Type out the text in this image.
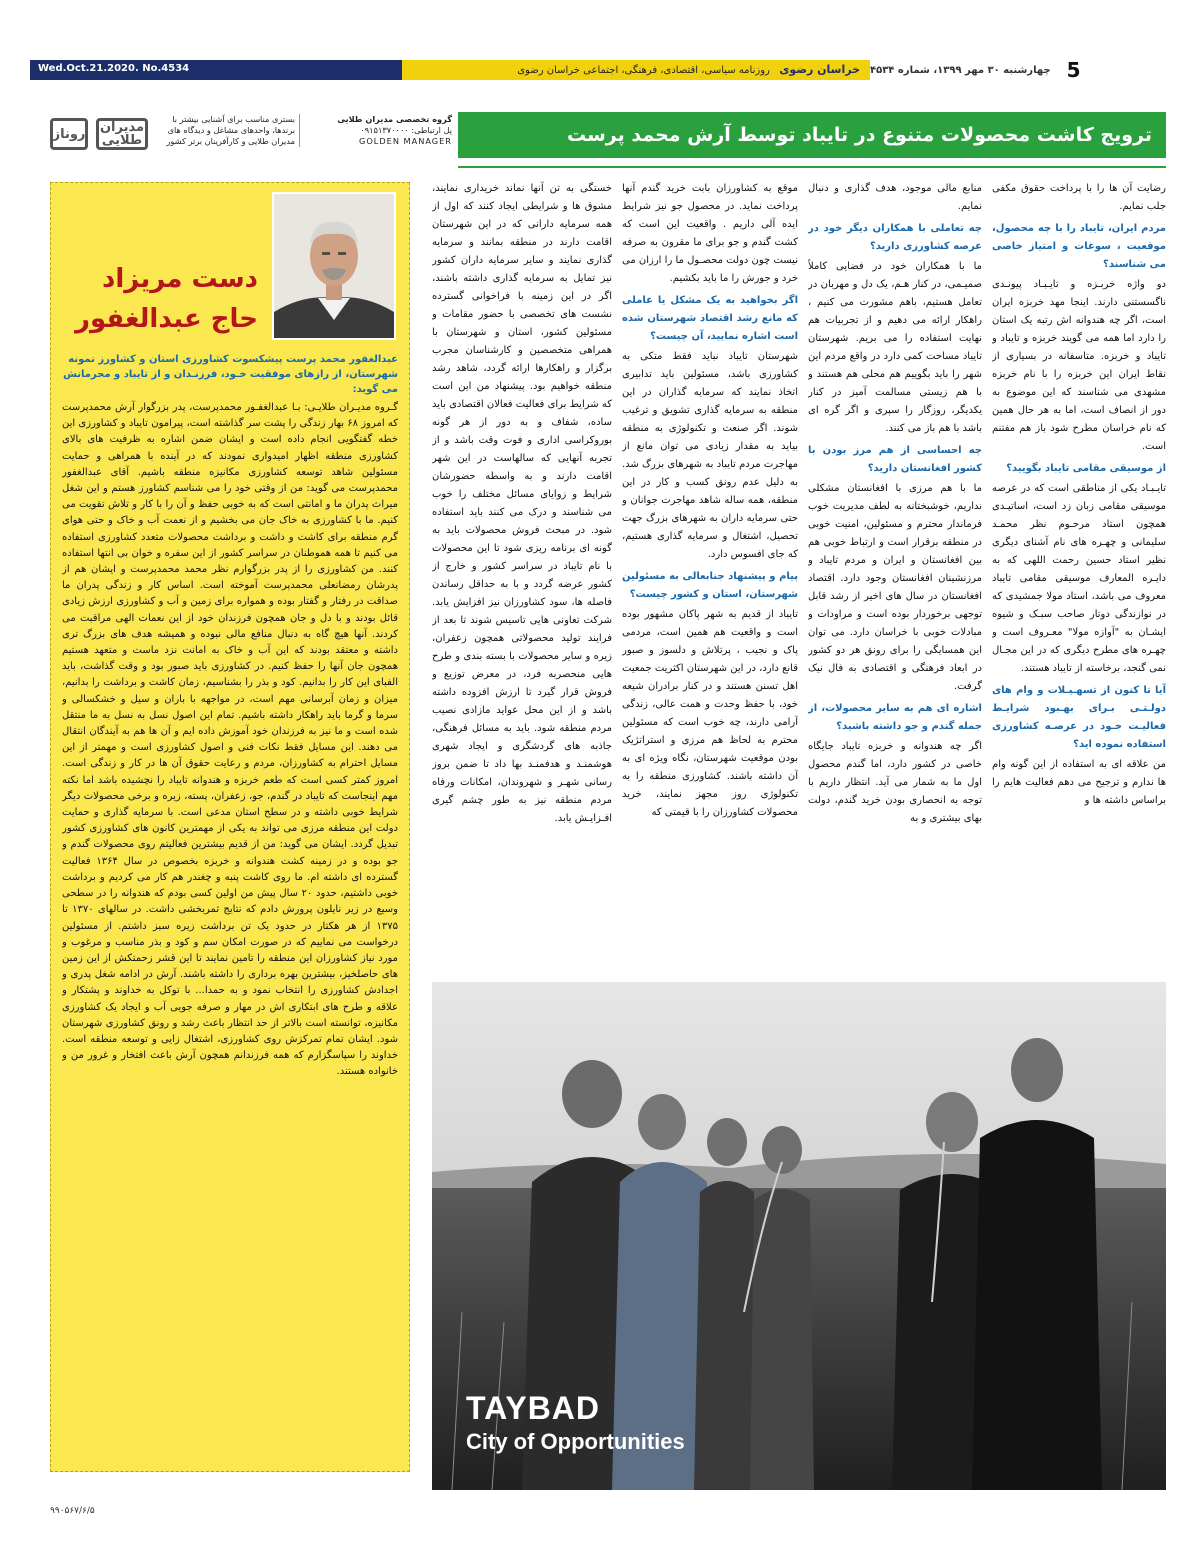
Wed.Oct.21.2020. No.4534	خراسان رضوی روزنامه سیاسی، اقتصادی، فرهنگی، اجتماعی خراسان رضوی	5
چهارشنبه ۳۰ مهر ۱۳۹۹، شماره ۴۵۳۴
ترویج کاشت محصولات متنوع در تایباد توسط آرش محمد پرست
گروه تخصصی مدیران طلایی
پل ارتباطی: ۰۹۱۵۱۳۷۰۰۰۰
GOLDEN MANAGER
بستری مناسب برای آشنایی بیشتر با
برندها، واحدهای مشاغل و دیدگاه های
مدیران طلایی و کارآفرینان برتر کشور
روناز مدیران
طلایی

رضایت آن ها را با پرداخت حقوق مکفی جلب نمایم.

مردم ایران، تایباد را با چه محصول، موقعیت ، سوغات و امتیاز خاصی می شناسند؟

دو واژه خربـزه و تایـبـاد پیونـدی ناگسستنی دارند. اینجا مهد خربزه ایران است، اگر چه هندوانه اش رتبه یک استان را دارد اما همه می گویند خربزه و تایباد و تایباد و خربزه. متاسفانه در بسیاری از نقاط ایران این خربزه را با نام خربزه مشهدی می شناسند که این موضوع به دور از انصاف است، اما به هر حال همین که نام خراسان مطرح شود باز هم مفتنم است.

از موسیقی مقامی تایباد بگویید؟

تایـبـاد یکی از مناطقی است که در عرصه موسیقی مقامی زبان زد است، اساتیـدی همچون استاد مرحـوم نظر محمـد سلیمانی و چهـره های نام آشنای دیگری نظیر استاد حسین رحمت اللهی که به دایـره المعارف موسیقی مقامی تایباد معروف می باشد، استاد مولا جمشیدی که در نوازندگی دوتار صاحب سبـک و شیوه ایشـان به "آوازه مولا" معـروف است و چهـره های مطرح دیگری که در این مجـال نمی گنجد، برخاسته از تایباد هستند.

آیا تا کنون از تسهـیـلات و وام های دولـتـی بـرای بهـبود شرایـط فعالیـت خـود در عرصـه کشاورزی استفاده نموده اید؟

من علاقه ای به استفاده از این گونه وام ها ندارم و ترجیح می دهم فعالیت هایم را براساس داشته ها و

منابع مالی موجود، هدف گذاری و دنبال نمایم.

چه تعاملی با همکاران دیگر خود در عرصه کشاورزی دارید؟

ما با همکاران خود در فضایی کاملاً صمیـمی، در کنار هـم، یک دل و مهربان در تعامل هستیم، باهم مشورت می کنیم ، راهکار ارائه می دهیم و از تجربیات هم نهایت استفاده را می بریم. شهرستان تایباد مساحت کمی دارد در واقع مردم این شهر را باید بگوییم هم محلی هم هستند و با هم زیستی مسالمت آمیز در کنار یکدیگر، روزگار را سپری و اگر گره ای باشد با هم باز می کنند.

چه احساسی از هم مرز بودن با کشور افغانستان دارید؟

ما با هم مرزی با افغانستان مشکلی نداریم، خوشبختانه به لطف مدیریت خوب فرماندار محترم و مسئولین، امنیت خوبی در منطقه برقرار است و ارتباط خوبی هم بین افغانستان و ایران و مردم تایباد و مرزنشینان افغانستان وجود دارد. اقتصاد افغانستان در سال های اخیر از رشد قابل توجهی برخوردار بوده است و مراودات و مبادلات خوبی با خراسان دارد. می توان این همسایگی را برای رونق هر دو کشور در ابعاد فرهنگی و اقتصادی به فال نیک گرفت.

اشاره ای هم به سایر محصولات، از جمله گندم و جو داشته باشید؟

اگر چه هندوانه و خربزه تایباد جایگاه خاصی در کشور دارد، اما گندم محصول اول ما به شمار می آید. انتظار داریم با توجه به انحصاری بودن خرید گندم، دولت بهای بیشتری و به

موقع به کشاورزان بابت خرید گندم آنها پرداخت نماید. در محصول جو نیز شرایط ایده آلی داریم . واقعیت این است که کشت گندم و جو برای ما مقرون به صرفه نیست چون دولت محصـول ما را ارزان می خرد و جورش را ما باید بکشیم.

اگر بخواهید به یک مشکل یا عاملی که مانع رشد اقتصاد شهرستان شده است اشاره نمایید، آن چیست؟

شهرستان تایباد نباید فقط متکی به کشاورزی باشد، مسئولین باید تدابیری اتخاذ نمایند که سرمایه گذاران در این منطقه به سرمایه گذاری تشویق و ترغیب شوند. اگر صنعت و تکنولوژی به منطقه بیاید به مقدار زیادی می توان مانع از مهاجرت مردم تایباد به شهرهای بزرگ شد. به دلیل عدم رونق کسب و کار در این منطقه، همه ساله شاهد مهاجرت جوانان و حتی سرمایه داران به شهرهای بزرگ جهت تحصیل، اشتغال و سرمایه گذاری هستیم، که جای افسوس دارد.

پیام و پیشنهاد جنابعالی به مسئولین شهرستان، استان و کشور چیست؟

تایباد از قدیم به شهر پاکان مشهور بوده است و واقعیت هم همین است، مردمی پاک و نجیب ، پرتلاش و دلسوز و صبور قانع دارد، در این شهرستان اکثریت جمعیت اهل تسنن هستند و در کنار برادران شیعه خود، با حفظ وحدت و همت عالی، زندگی آرامی دارند، چه خوب است که مسئولین محترم به لحاظ هم مرزی و استراتژیک بودن موقعیت شهرستان، نگاه ویژه ای به آن داشته باشند. کشاورزی منطقه را به تکنولوژی روز مجهز نمایند، خرید محصولات کشاورزان را با قیمتی که

خستگی به تن آنها نماند خریداری نمایند، مشوق ها و شرایطی ایجاد کنند که اول از همه سرمایه دارانی که در این شهرستان اقامت دارند در منطقه بمانند و سرمایه گذاری نمایند و سایر سرمایه داران کشور نیز تمایل به سرمایه گذاری داشته باشند، اگر در این زمینه با فراخوانی گسترده نشست های تخصصی با حضور مقامات و مسئولین کشور، استان و شهرستان با همراهی متخصصین و کارشناسان مجرب برگزار و راهکارها ارائه گردد، شاهد رشد منطقه خواهیم بود. پیشنهاد من این است که شرایط برای فعالیت فعالان اقتصادی باید ساده، شفاف و به دور از هر گونه بوروکراسی اداری و فوت وقت باشد و از تجربه آنهایی که سالهاست در این شهر اقامت دارند و به واسطه حضورشان شرایط و زوایای مسائل مختلف را خوب می شناسند و درک می کنند باید استفاده شود. در مبحث فروش محصولات باید به گونه ای برنامه ریزی شود تا این محصولات با نام تایباد در سراسر کشور و خارج از کشور عرضه گردد و با به حداقل رساندن فاصله ها، سود کشاورزان نیز افزایش یابد. شرکت تعاونی هایی تاسیس شوند تا بعد از فرایند تولید محصولاتی همچون زعفران، زیره و سایر محصولات با بسته بندی و طرح هایی منحصربه فرد، در معرض توزیع و فروش قرار گیرد تا ارزش افزوده داشته باشد و از این محل عواید مازادی نصیب مردم منطقه شود. باید به مسائل فرهنگی، جاذبه های گردشگری و ایجاد شهری هوشمنـد و هدفمنـد بها داد تا ضمن بروز رسانی شهـر و شهروندان، امکانات ورفاه مردم منطقه نیز به طور چشم گیری افـزایـش یابد.

دست مریزاد
حاج عبدالغفور
عبدالغفور محمد پرست پیشکسوت کشاورزی استان و کشاورز نمونه شهرستان، از رازهای موفقیت خـود، فرزنـدان و از تایباد و محرمانش می گوید:
گـروه مدیـران طلایـی: بـا عبدالغفـور محمدپرست، پدر بزرگوار آرش محمدپرست که امروز ۶۸ بهار زندگی را پشت سر گذاشته است، پیرامون تایباد و کشاورزی این خطه گفتگویی انجام داده است و ایشان ضمن اشاره به ظرفیت های بالای کشاورزی منطقه اظهار امیدواری نمودند که در آینده با همراهی و حمایت مسئولین شاهد توسعه کشاورزی مکانیزه منطقه باشیم. آقای عبدالغفور محمدپرست می گوید: من از وقتی خود را می شناسم کشاورز هستم و این شغل میراث پدران ما و امانتی است که به خوبی حفظ و آن را با کار و تلاش تقویت می کنیم. ما با کشاورزی به خاک جان می بخشیم و از نعمت آب و خاک و حتی هوای گرم منطقه برای کاشت و داشت و برداشت محصولات متعدد کشاورزی استفاده می کنیم تا همه هموطنان در سراسر کشور از این سفره و خوان بی انتها استفاده کنند. من کشاورزی را از پدر بزرگوارم نظر محمد محمدپرست و ایشان هم از پدرشان رمضانعلی محمدپرست آموخته است. اساس کار و زندگی پدران ما صداقت در رفتار و گفتار بوده و همواره برای زمین و آب و کشاورزی ارزش زیادی قائل بودند و با دل و جان همچون فرزندان خود از این نعمات الهی مراقبت می کردند. آنها هیچ گاه به دنبال منافع مالی نبوده و همیشه هدف های بزرگ تری داشته و معتقد بودند که این آب و خاک به امانت نزد ماست و متعهد هستیم همچون جان آنها را حفظ کنیم. در کشاورزی باید صبور بود و وقت گذاشت، باید الفبای این کار را بدانیم. کود و بذر را بشناسیم، زمان کاشت و برداشت را بدانیم، میزان و زمان آبرسانی مهم است، در مواجهه با باران و سیل و خشکسالی و سرما و گرما باید راهکار داشته باشیم. تمام این اصول نسل به نسل به ما منتقل شده است و ما نیز به فرزندان خود آموزش داده ایم و آن ها هم به آیندگان انتقال می دهند. این مسایل فقط نکات فنی و اصول کشاورزی است و مهمتر از این مسایل احترام به کشاورزان، مردم و رعایت حقوق آن ها در کار و زندگی است. امروز کمتر کسی است که طعم خربزه و هندوانه تایباد را نچشیده باشد اما نکته مهم اینجاست که تایباد در گندم، جو، زعفران، پسته، زیره و برخی محصولات دیگر شرایط خوبی داشته و در سطح استان مدعی است. با سرمایه گذاری و حمایت دولت این منطقه مرزی می تواند به یکی از مهمترین کانون های کشاورزی کشور تبدیل گردد. ایشان می گوید: من از قدیم بیشترین فعالیتم روی محصولات گندم و جو بوده و در زمینه کشت هندوانه و خربزه بخصوص در سال ۱۳۶۴ فعالیت گسترده ای داشته ام. ما روی کاشت پنبه و چغندر هم کار می کردیم و برداشت خوبی داشتیم، حدود ۲۰ سال پیش من اولین کسی بودم که هندوانه را در سطحی وسیع در زیر نایلون پرورش دادم که نتایج ثمربخشی داشت. در سالهای ۱۳۷۰ تا ۱۳۷۵ از هر هکتار در حدود یک تن برداشت زیره سبز داشتم. از مسئولین درخواست می نماییم که در صورت امکان سم و کود و بذر مناسب و مرغوب و مورد نیاز کشاورزان این منطقه را تامین نمایند تا این قشر زحمتکش از این زمین های حاصلخیز، بیشترین بهره برداری را داشته باشند. آرش در ادامه شغل پدری و اجدادش کشاورزی را انتخاب نمود و به حمدا... با توکل به خداوند و پشتکار و علاقه و طرح های ابتکاری اش در مهار و صرفه جویی آب و ایجاد یک کشاورزی مکانیزه، توانسته است بالاتر از حد انتظار باعث رشد و رونق کشاورزی شهرستان شود. ایشان تمام تمرکزش روی کشاورزی، اشتغال زایی و توسعه منطقه است. خداوند را سپاسگزارم که همه فرزندانم همچون آرش باعث افتخار و غرور من و خانواده هستند.
TAYBAD
City of Opportunities
۹۹۰۵۶۷/۶/۵
